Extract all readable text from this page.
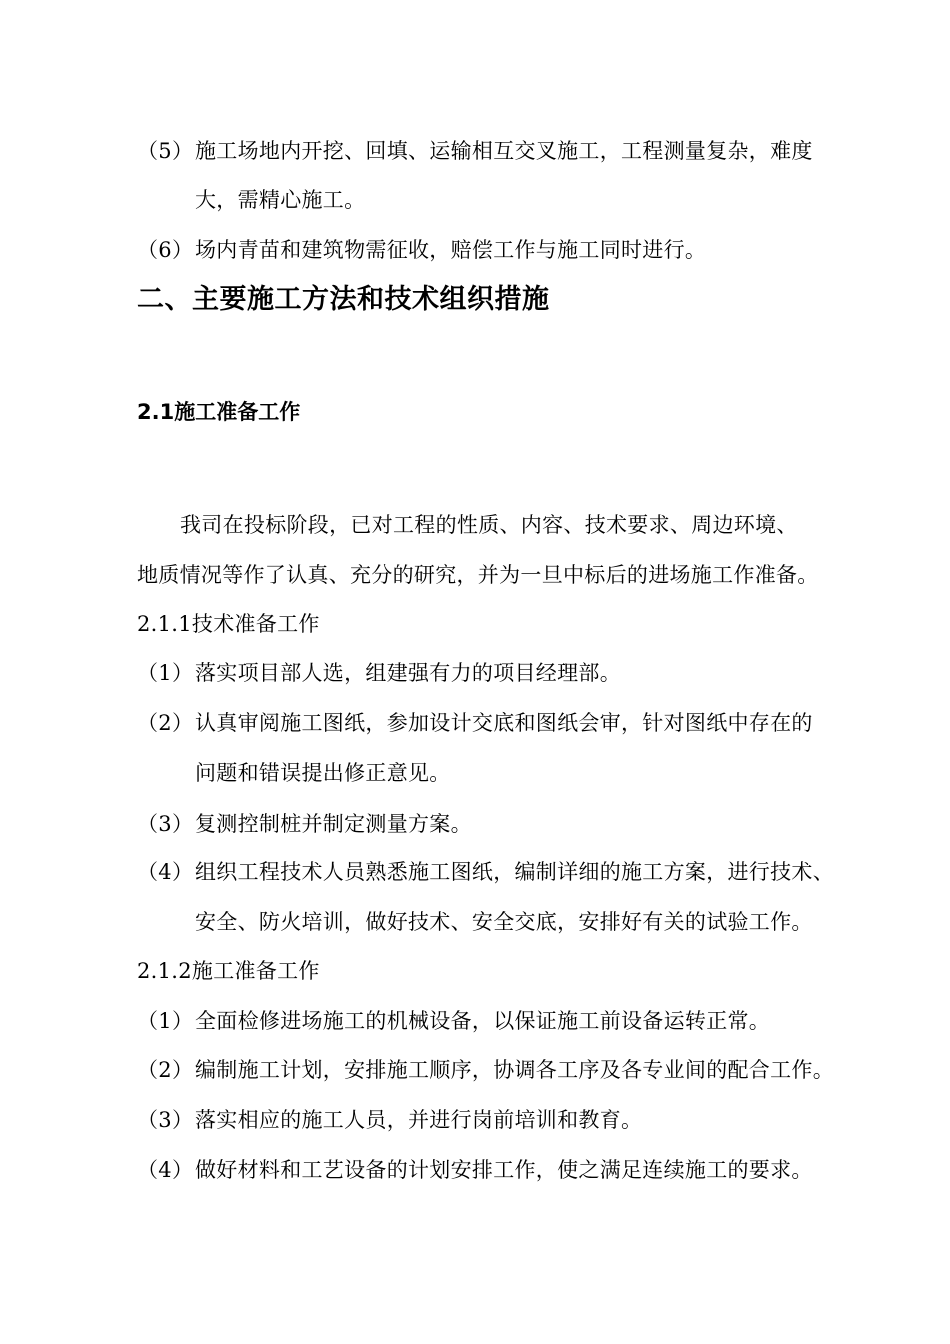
（5）施工场地内开挖、回填、运输相互交叉施工，工程测量复杂，难度
大，需精心施工。
（6）场内青苗和建筑物需征收，赔偿工作与施工同时进行。
二、主要施工方法和技术组织措施
2.1施工准备工作
我司在投标阶段，已对工程的性质、内容、技术要求、周边环境、
地质情况等作了认真、充分的研究，并为一旦中标后的进场施工作准备。
2.1.1技术准备工作
（1）落实项目部人选，组建强有力的项目经理部。
（2）认真审阅施工图纸，参加设计交底和图纸会审，针对图纸中存在的
问题和错误提出修正意见。
（3）复测控制桩并制定测量方案。
（4）组织工程技术人员熟悉施工图纸，编制详细的施工方案，进行技术、
安全、防火培训，做好技术、安全交底，安排好有关的试验工作。
2.1.2施工准备工作
（1）全面检修进场施工的机械设备，以保证施工前设备运转正常。
（2）编制施工计划，安排施工顺序，协调各工序及各专业间的配合工作。
（3）落实相应的施工人员，并进行岗前培训和教育。
（4）做好材料和工艺设备的计划安排工作，使之满足连续施工的要求。
